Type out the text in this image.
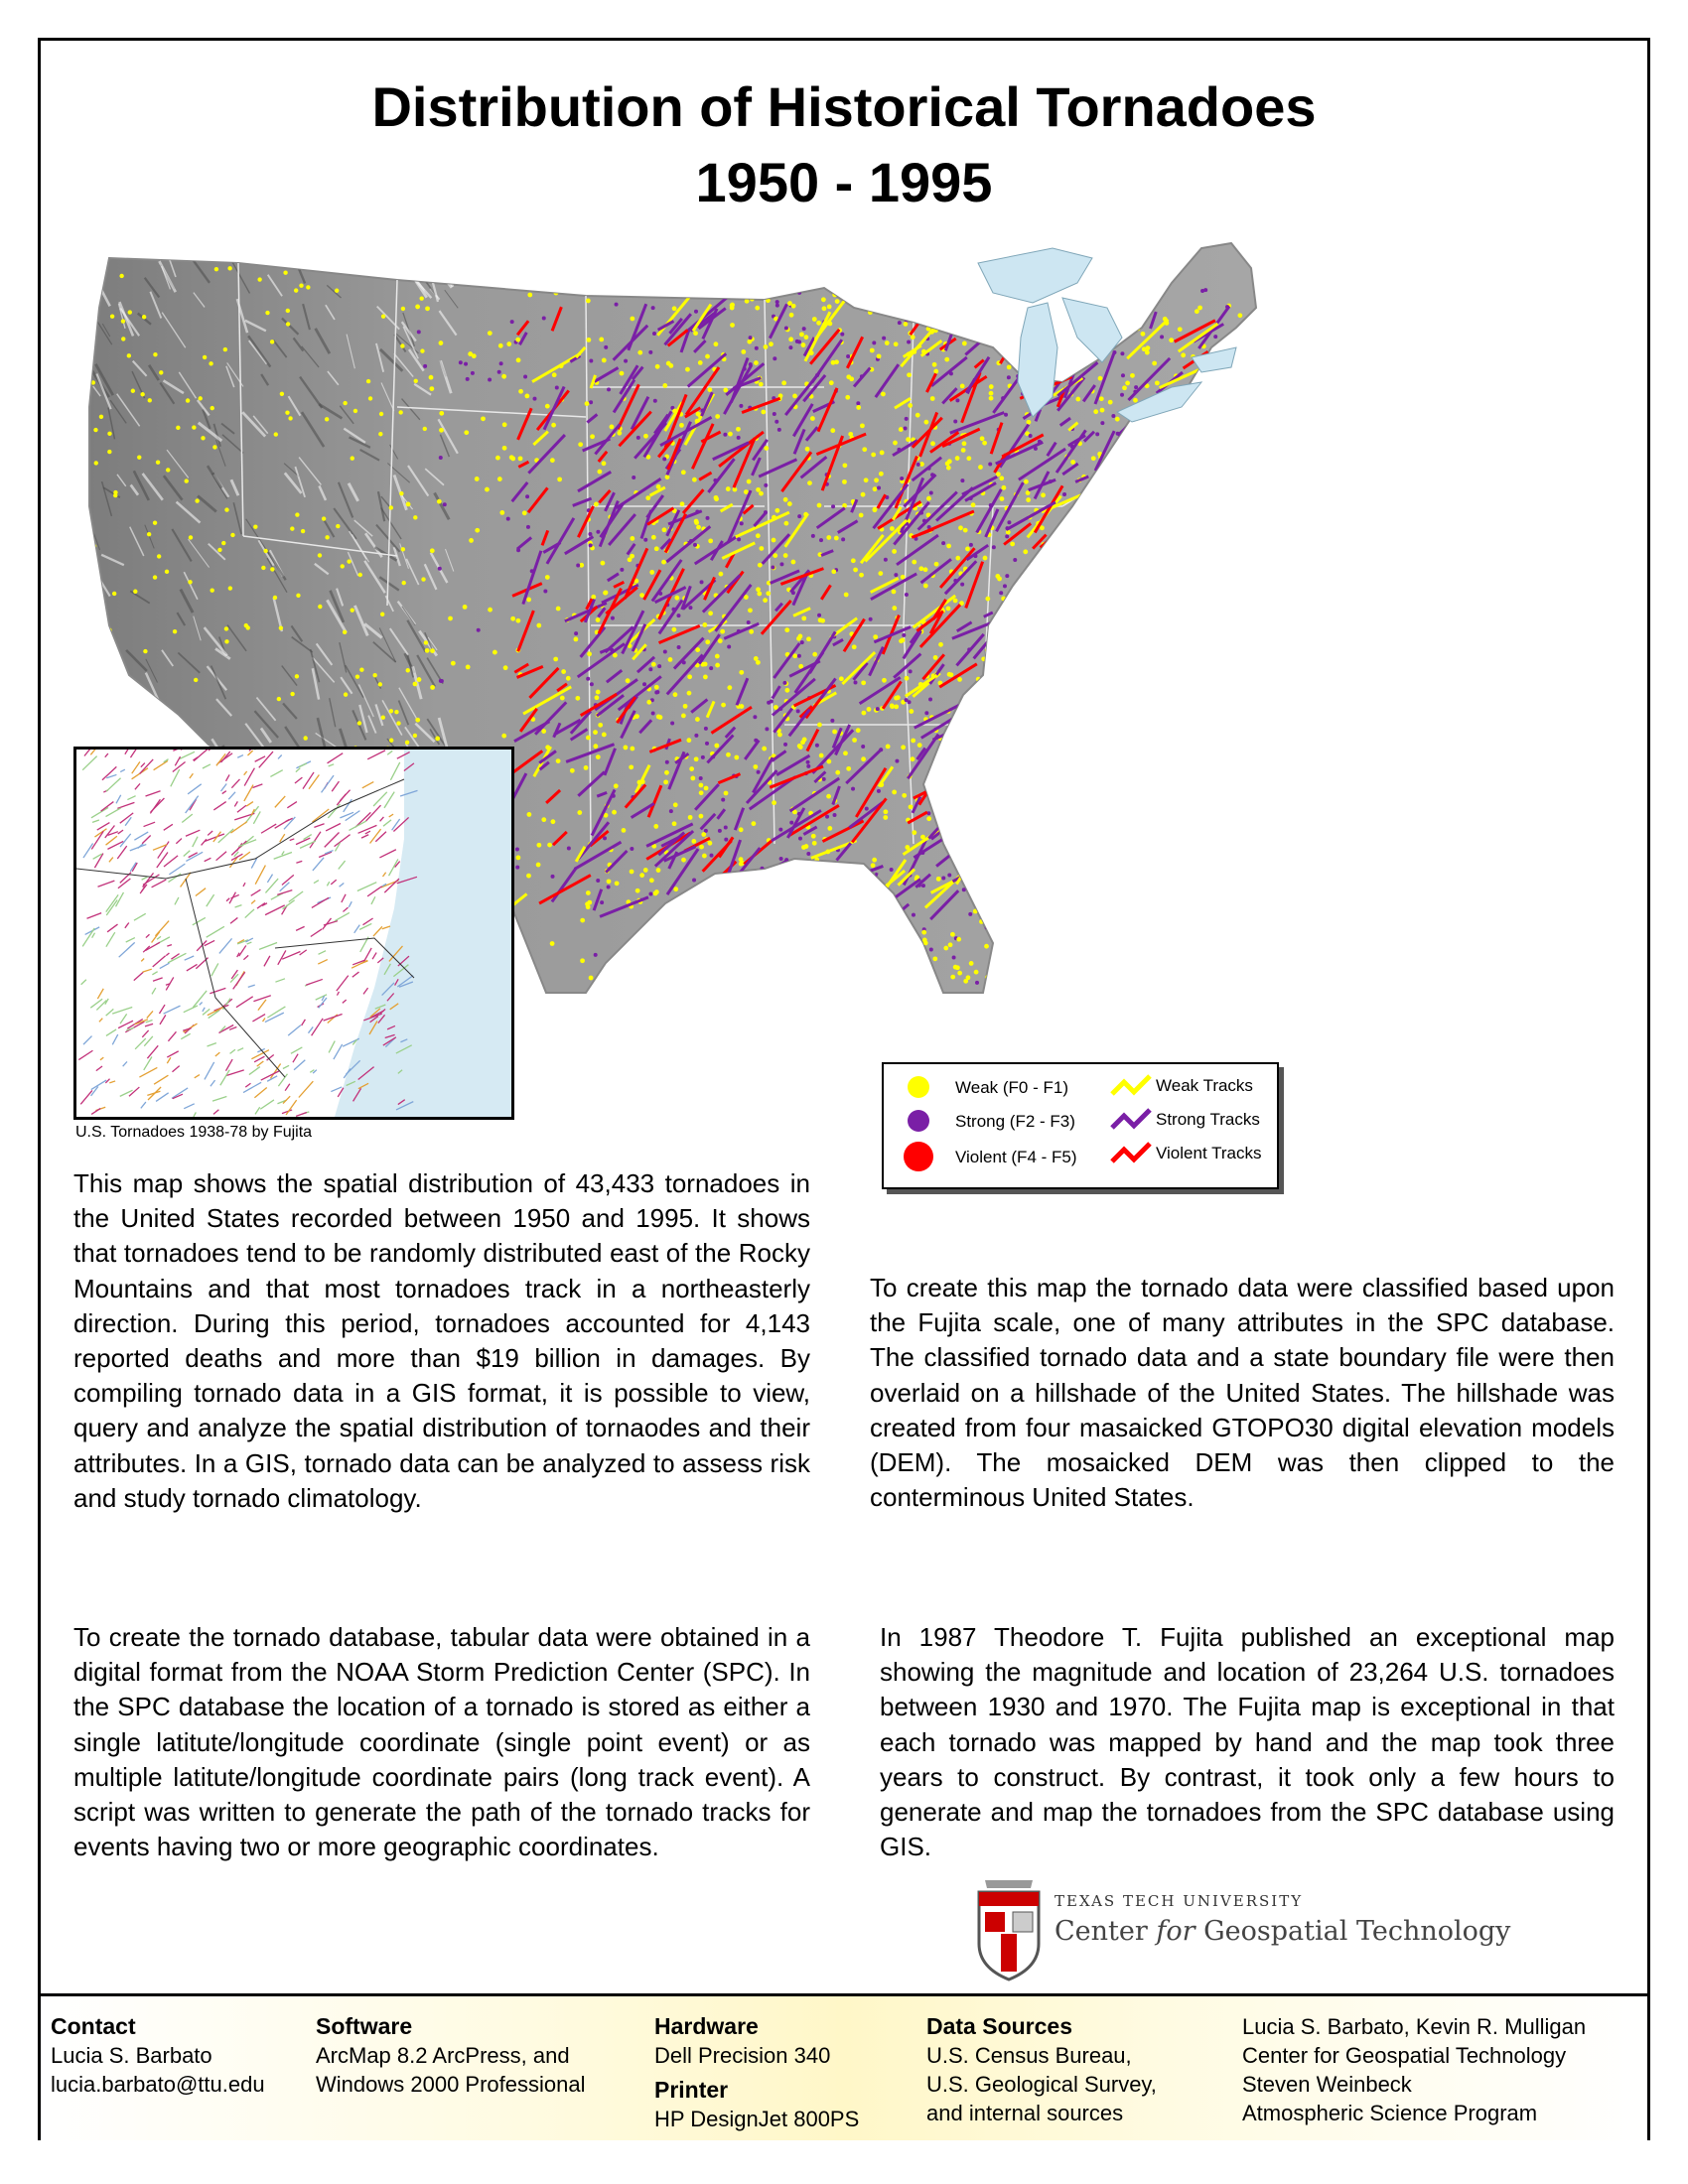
Distribution of Historical Tornadoes
1950 - 1995
U.S. Tornadoes 1938-78 by Fujita
Weak (F0 - F1)
Strong (F2 - F3)
Violent (F4 - F5)
Weak Tracks
Strong Tracks
Violent Tracks
This map shows the spatial distribution of 43,433 tornadoes in the United States recorded between 1950 and 1995. It shows that tornadoes tend to be randomly distributed east of the Rocky Mountains and that most tornadoes track in a northeasterly direction. During this period, tornadoes accounted for 4,143 reported deaths and more than $19 billion in damages. By compiling tornado data in a GIS format, it is possible to view, query and analyze the spatial distribution of tornaodes and their attributes. In a GIS, tornado data can be analyzed to assess risk and study tornado climatology.
To create the tornado database, tabular data were obtained in a digital format from the NOAA Storm Prediction Center (SPC). In the SPC database the location of a tornado is stored as either a single latitute/longitude coordinate (single point event) or as multiple latitute/longitude coordinate pairs (long track event). A script was written to generate the path of the tornado tracks for events having two or more geographic coordinates.
To create this map the tornado data were classified based upon the Fujita scale, one of many attributes in the SPC database. The classified tornado data and a state boundary file were then overlaid on a hillshade of the United States. The hillshade was created from four masaicked GTOPO30 digital elevation models (DEM). The mosaicked DEM was then clipped to the conterminous United States.
In 1987 Theodore T. Fujita published an exceptional map showing the magnitude and location of 23,264 U.S. tornadoes between 1930 and 1970. The Fujita map is exceptional in that each tornado was mapped by hand and the map took three years to construct. By contrast, it took only a few hours to generate and map the tornadoes from the SPC database using GIS.
TEXAS TECH UNIVERSITY
Center for Geospatial Technology
Contact
Lucia S. Barbato
lucia.barbato@ttu.edu
Software
ArcMap 8.2 ArcPress, and
Windows 2000 Professional
Hardware
Dell Precision 340
Printer
HP DesignJet 800PS
Data Sources
U.S. Census Bureau,
U.S. Geological Survey,
and internal sources
Lucia S. Barbato, Kevin R. Mulligan
Center for Geospatial Technology
Steven Weinbeck
Atmospheric Science Program
